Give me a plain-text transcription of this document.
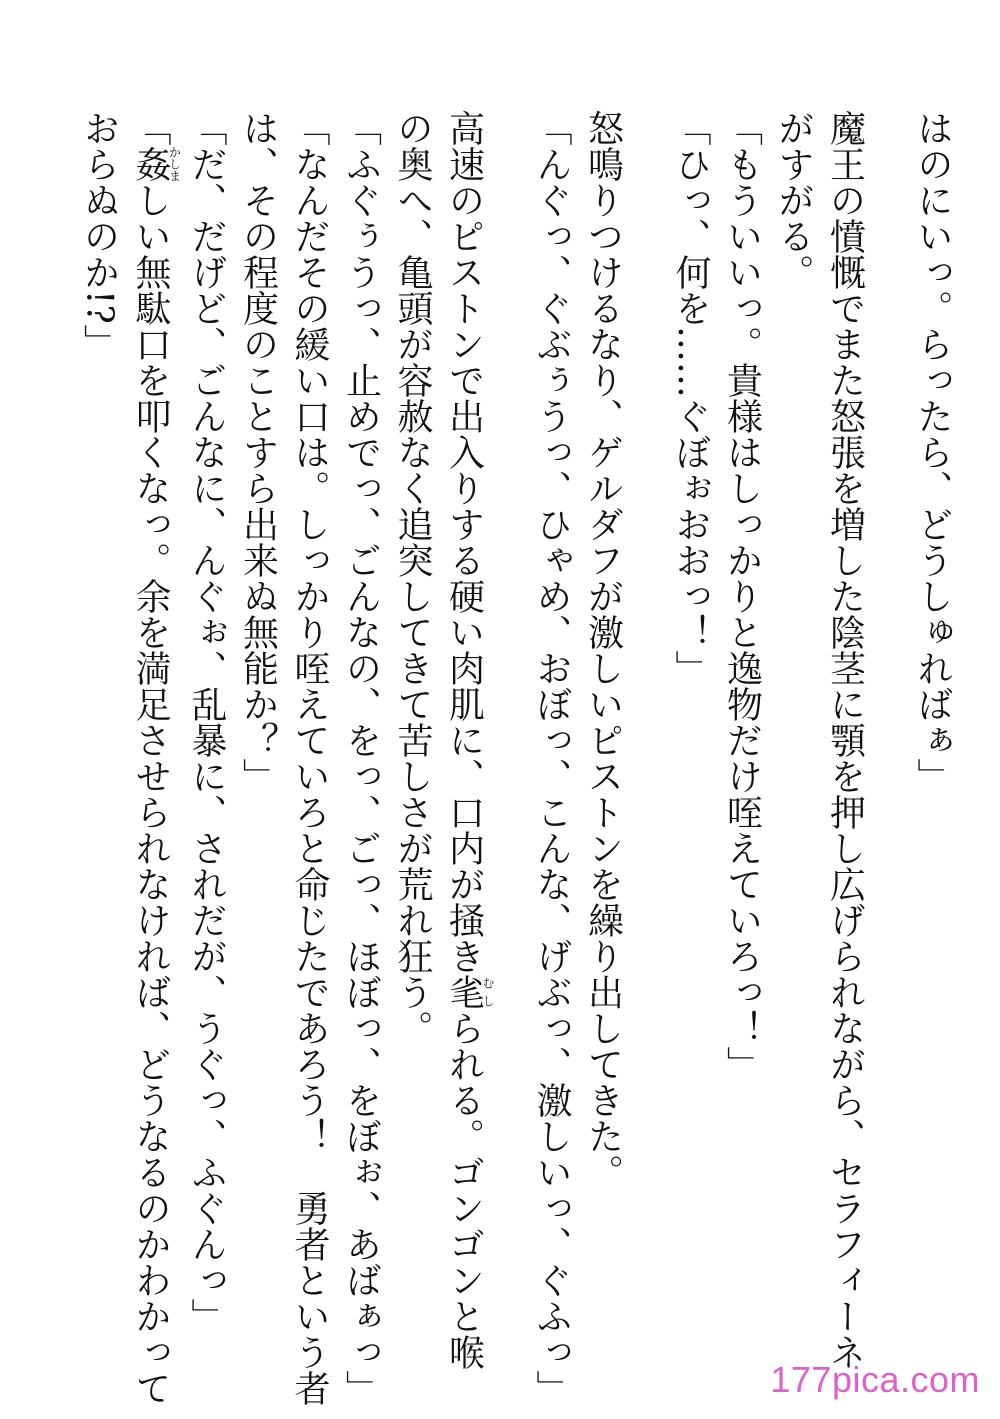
はのにいっ。らったら、どうしゅればぁ」
魔王の憤慨でまた怒張を増した陰茎に顎を押し広げられながら、セラフィーネ
がすがる。
「もういいっ。貴様はしっかりと逸物だけ咥えていろっ！」
「ひっ、何を……ぐぼぉおおっ！」
怒鳴りつけるなり、ゲルダフが激しいピストンを繰り出してきた。
「んぐっ、ぐぶぅうっ、ひゃめ、おぼっ、こんな、げぶっ、激しいっ、ぐふっ」
高速のピストンで出入りする硬い肉肌に、口内が掻き毟むしられる。ゴンゴンと喉
の奥へ、亀頭が容赦なく追突してきて苦しさが荒れ狂う。
「ふぐぅうっ、止めでっ、ごんなの、をっ、ごっ、ほぼっ、をぼぉ、あばぁっ」
「なんだその緩い口は。しっかり咥えていろと命じたであろう！　勇者という者
は、その程度のことすら出来ぬ無能か？」
「だ、だげど、ごんなに、んぐぉ、乱暴に、されだが、うぐっ、ふぐんっ」
「姦かしましい無駄口を叩くなっ。余を満足させられなければ、どうなるのかわかって
おらぬのか!?」
177pica.com
